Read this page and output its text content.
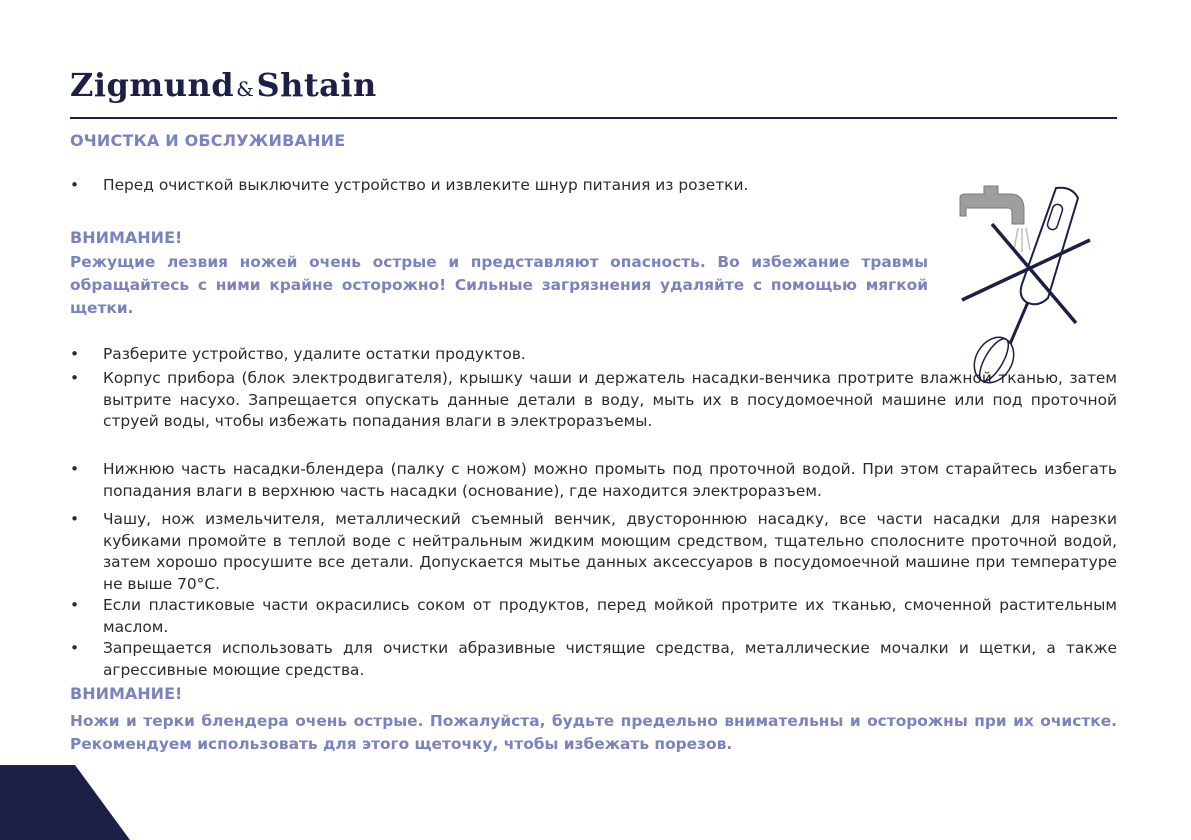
Zigmund &Shtain
ОЧИСТКА И ОБСЛУЖИВАНИЕ
• Перед очисткой выключите устройство и извлеките шнур питания из розетки.
ВНИМАНИЕ!
Режущие лезвия ножей очень острые и представляют опасность. Во избежание травмы обращайтесь с ними крайне осторожно! Сильные загрязнения удаляйте с помощью мягкой щетки.
• Разберите устройство, удалите остатки продуктов.
• Корпус прибора (блок электродвигателя), крышку чаши и держатель насадки-венчика протрите влажной тканью, затем вытрите насухо. Запрещается опускать данные детали в воду, мыть их в посудомоечной машине или под проточной струей воды, чтобы избежать попадания влаги в электроразъемы.
• Нижнюю часть насадки-блендера (палку с ножом) можно промыть под проточной водой. При этом старайтесь избегать попадания влаги в верхнюю часть насадки (основание), где находится электроразъем.
• Чашу, нож измельчителя, металлический съемный венчик, двустороннюю насадку, все части насадки для нарезки кубиками промойте в теплой воде с нейтральным жидким моющим средством, тщательно сполосните проточной водой, затем хорошо просушите все детали. Допускается мытье данных аксессуаров в посудомоечной машине при температуре не выше 70°С.
• Если пластиковые части окрасились соком от продуктов, перед мойкой протрите их тканью, смоченной растительным маслом.
• Запрещается использовать для очистки абразивные чистящие средства, металлические мочалки и щетки, а также агрессивные моющие средства.
ВНИМАНИЕ!
Ножи и терки блендера очень острые. Пожалуйста, будьте предельно внимательны и осторожны при их очистке. Рекомендуем использовать для этого щеточку, чтобы избежать порезов.
